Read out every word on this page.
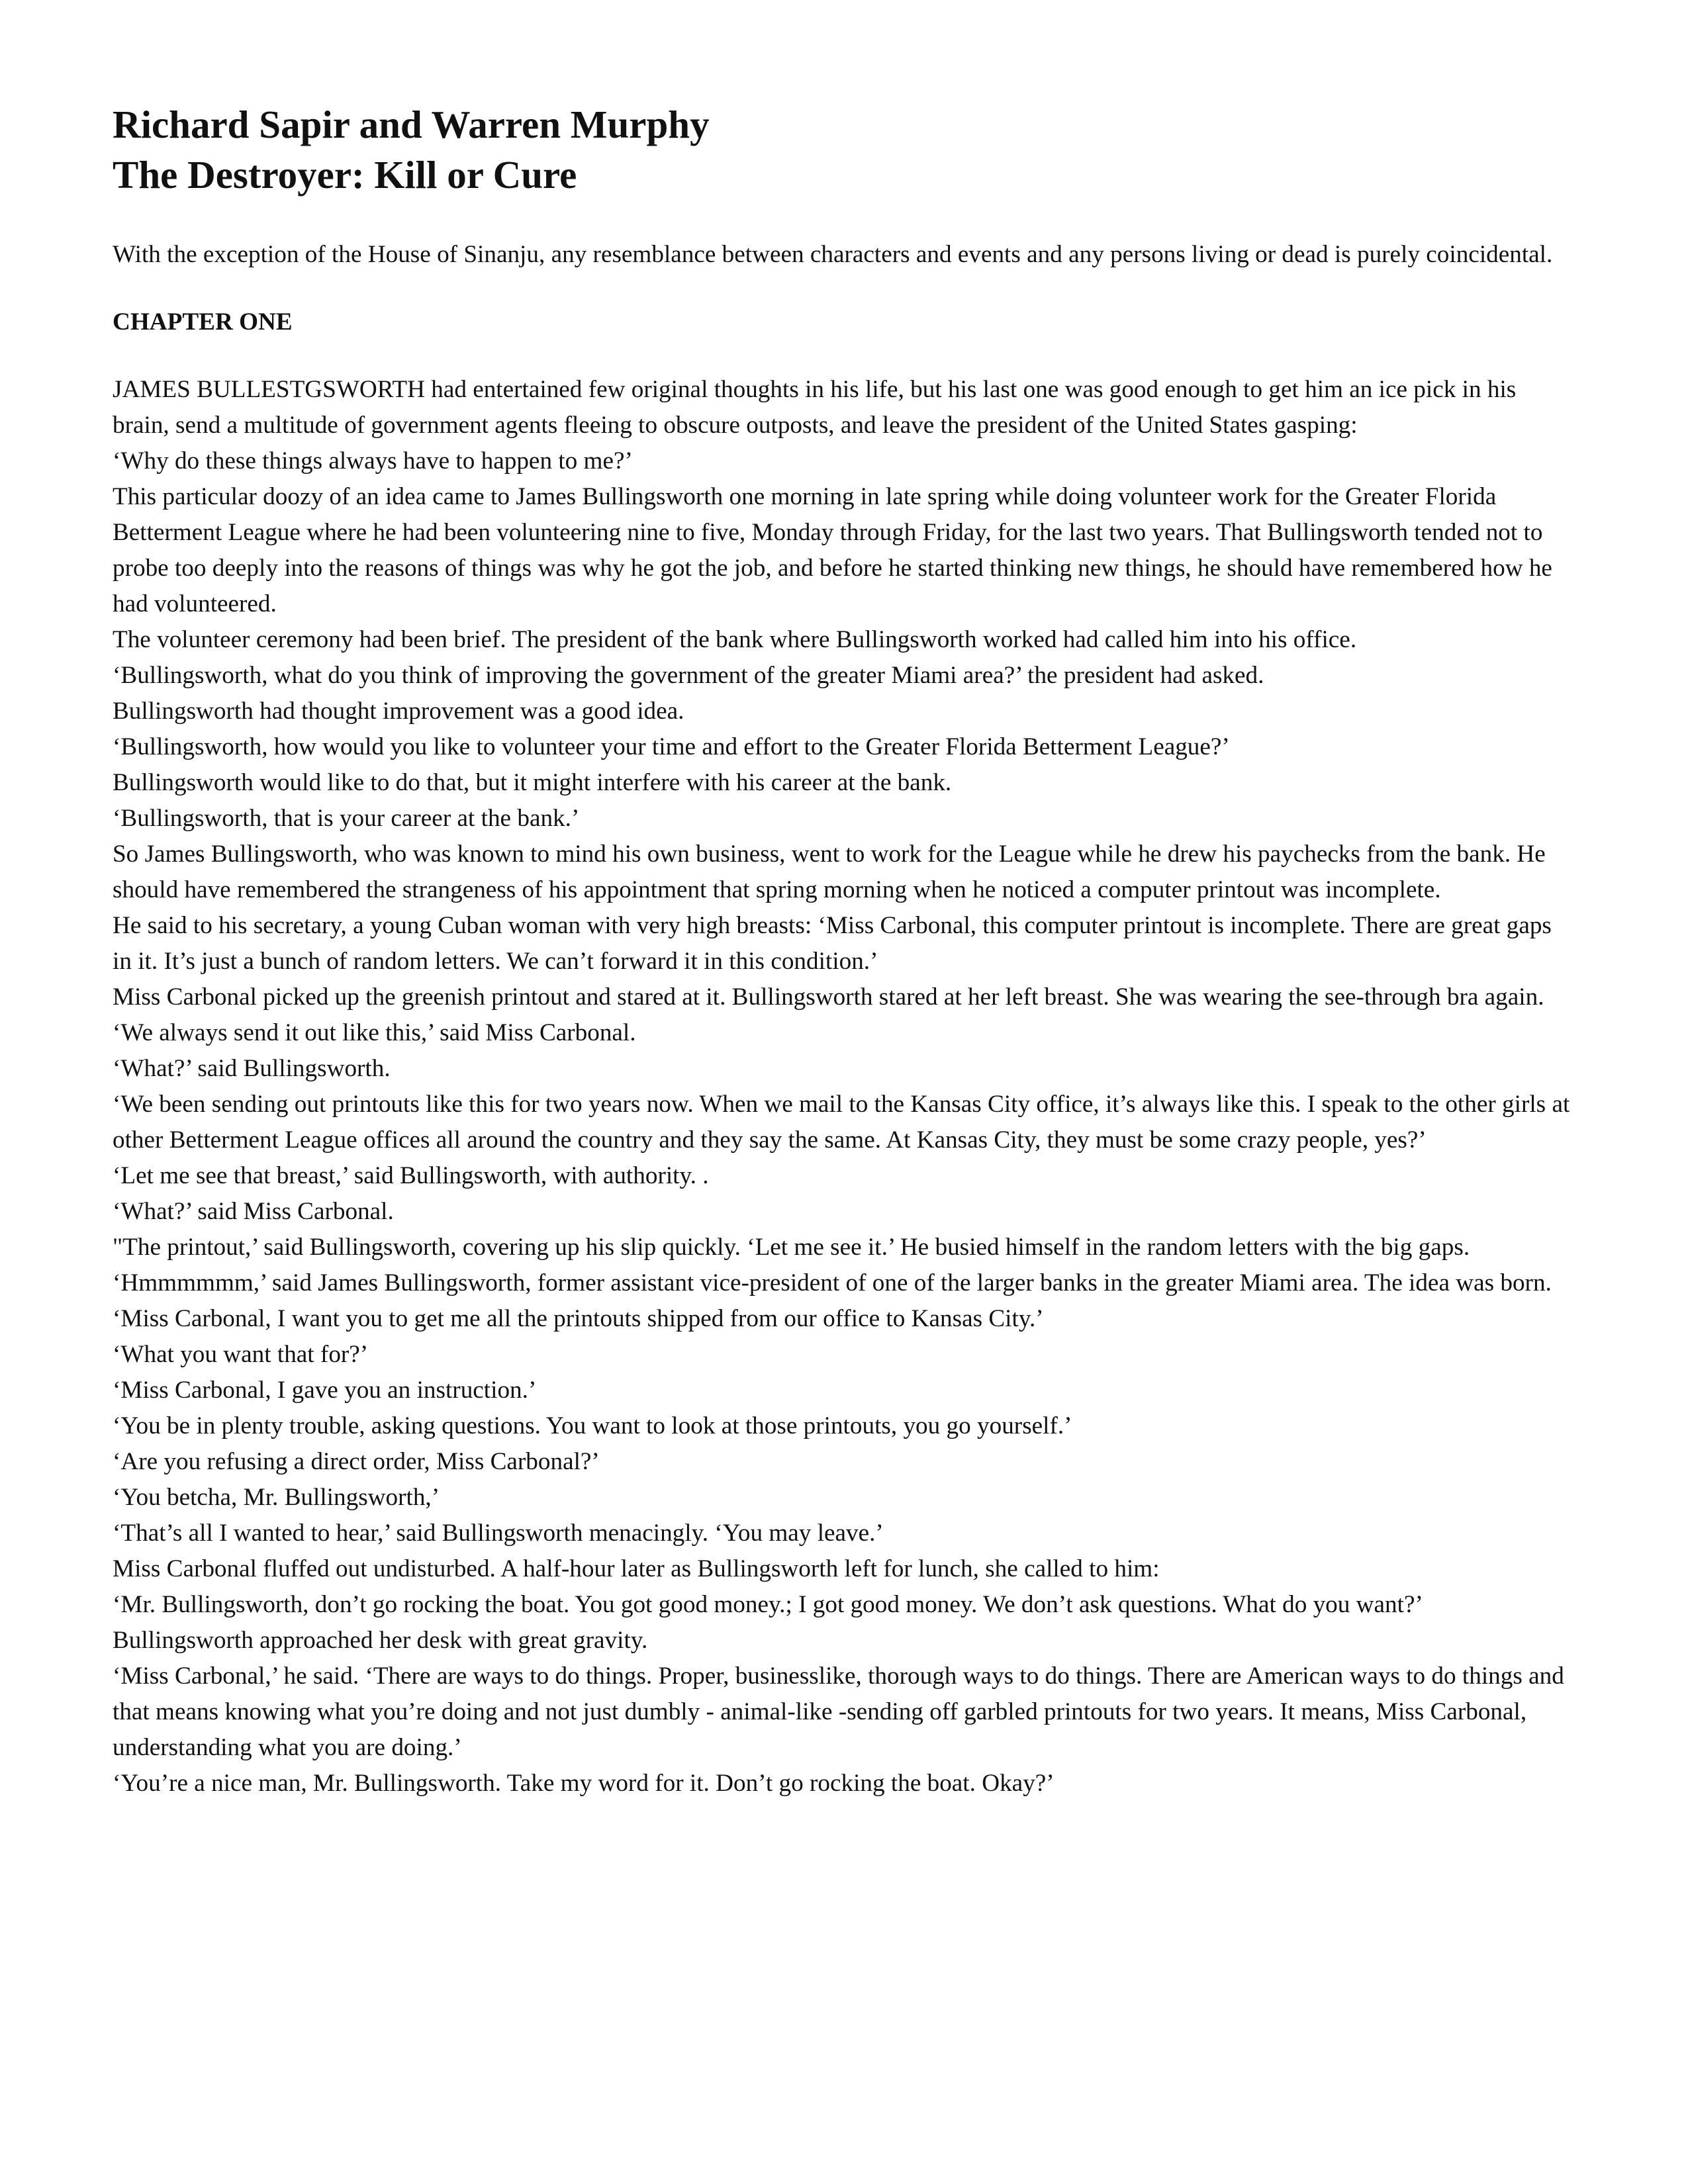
Richard Sapir and Warren Murphy
The Destroyer: Kill or Cure

With the exception of the House of Sinanju, any resemblance between characters and events and any persons living or dead is purely coincidental.

CHAPTER ONE

JAMES BULLESTGSWORTH had entertained few original thoughts in his life, but his last one was good enough to get him an ice pick in his brain, send a multitude of government agents fleeing to obscure outposts, and leave the president of the United States gasping:

‘Why do these things always have to happen to me?’

This particular doozy of an idea came to James Bullingsworth one morning in late spring while doing volunteer work for the Greater Florida Betterment League where he had been volunteering nine to five, Monday through Friday, for the last two years. That Bullingsworth tended not to probe too deeply into the reasons of things was why he got the job, and before he started thinking new things, he should have remembered how he had volunteered.

The volunteer ceremony had been brief. The president of the bank where Bullingsworth worked had called him into his office.

‘Bullingsworth, what do you think of improving the government of the greater Miami area?’ the president had asked.

Bullingsworth had thought improvement was a good idea.

‘Bullingsworth, how would you like to volunteer your time and effort to the Greater Florida Betterment League?’

Bullingsworth would like to do that, but it might interfere with his career at the bank.

‘Bullingsworth, that is your career at the bank.’

So James Bullingsworth, who was known to mind his own business, went to work for the League while he drew his paychecks from the bank. He should have remembered the strangeness of his appointment that spring morning when he noticed a computer printout was incomplete.

He said to his secretary, a young Cuban woman with very high breasts: ‘Miss Carbonal, this computer printout is incomplete. There are great gaps in it. It’s just a bunch of random letters. We can’t forward it in this condition.’

Miss Carbonal picked up the greenish printout and stared at it. Bullingsworth stared at her left breast. She was wearing the see-through bra again.

‘We always send it out like this,’ said Miss Carbonal.

‘What?’ said Bullingsworth.

‘We been sending out printouts like this for two years now. When we mail to the Kansas City office, it’s always like this. I speak to the other girls at other Betterment League offices all around the country and they say the same. At Kansas City, they must be some crazy people, yes?’

‘Let me see that breast,’ said Bullingsworth, with authority. .

‘What?’ said Miss Carbonal.

"The printout,’ said Bullingsworth, covering up his slip quickly. ‘Let me see it.’ He busied himself in the random letters with the big gaps. ‘Hmmmmmm,’ said James Bullingsworth, former assistant vice-president of one of the larger banks in the greater Miami area. The idea was born.

‘Miss Carbonal, I want you to get me all the printouts shipped from our office to Kansas City.’

‘What you want that for?’

‘Miss Carbonal, I gave you an instruction.’

‘You be in plenty trouble, asking questions. You want to look at those printouts, you go yourself.’

‘Are you refusing a direct order, Miss Carbonal?’

‘You betcha, Mr. Bullingsworth,’

‘That’s all I wanted to hear,’ said Bullingsworth menacingly. ‘You may leave.’

Miss Carbonal fluffed out undisturbed. A half-hour later as Bullingsworth left for lunch, she called to him:

‘Mr. Bullingsworth, don’t go rocking the boat. You got good money.; I got good money. We don’t ask questions. What do you want?’

Bullingsworth approached her desk with great gravity.

‘Miss Carbonal,’ he said. ‘There are ways to do things. Proper, businesslike, thorough ways to do things. There are American ways to do things and that means knowing what you’re doing and not just dumbly - animal-like -sending off garbled printouts for two years. It means, Miss Carbonal, understanding what you are doing.’

‘You’re a nice man, Mr. Bullingsworth. Take my word for it. Don’t go rocking the boat. Okay?’
